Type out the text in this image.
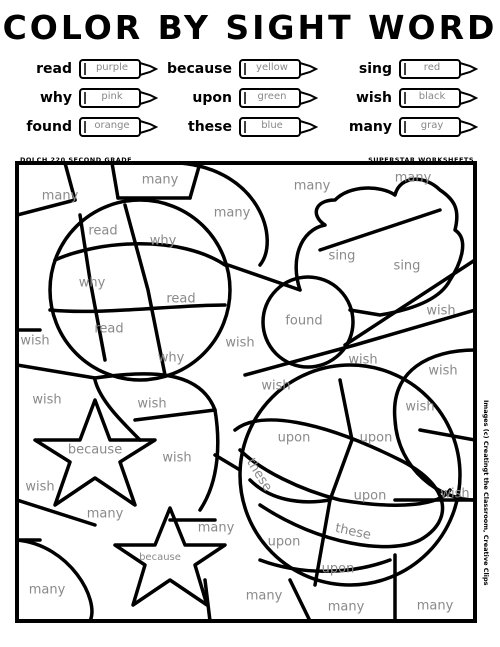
COLOR BY SIGHT WORD
read	purple
why	pink
found	orange
because	yellow
upon	green
these	blue
sing	red
wish	black
many	gray
DOLCH 220 SECOND GRADE	SUPERSTAR WORKSHEETS
Images (c) Creatingt the Classroom, Creative Clips
many
many
many
many
many
read
why
why
read
read
why
sing
sing
found
wish	wish
wish
wish
wish
wish
wish	wish	wish
wish
wish	wish
because
because
upon	upon
upon
upon
upon
these
these
many
many
many	many
many	many
